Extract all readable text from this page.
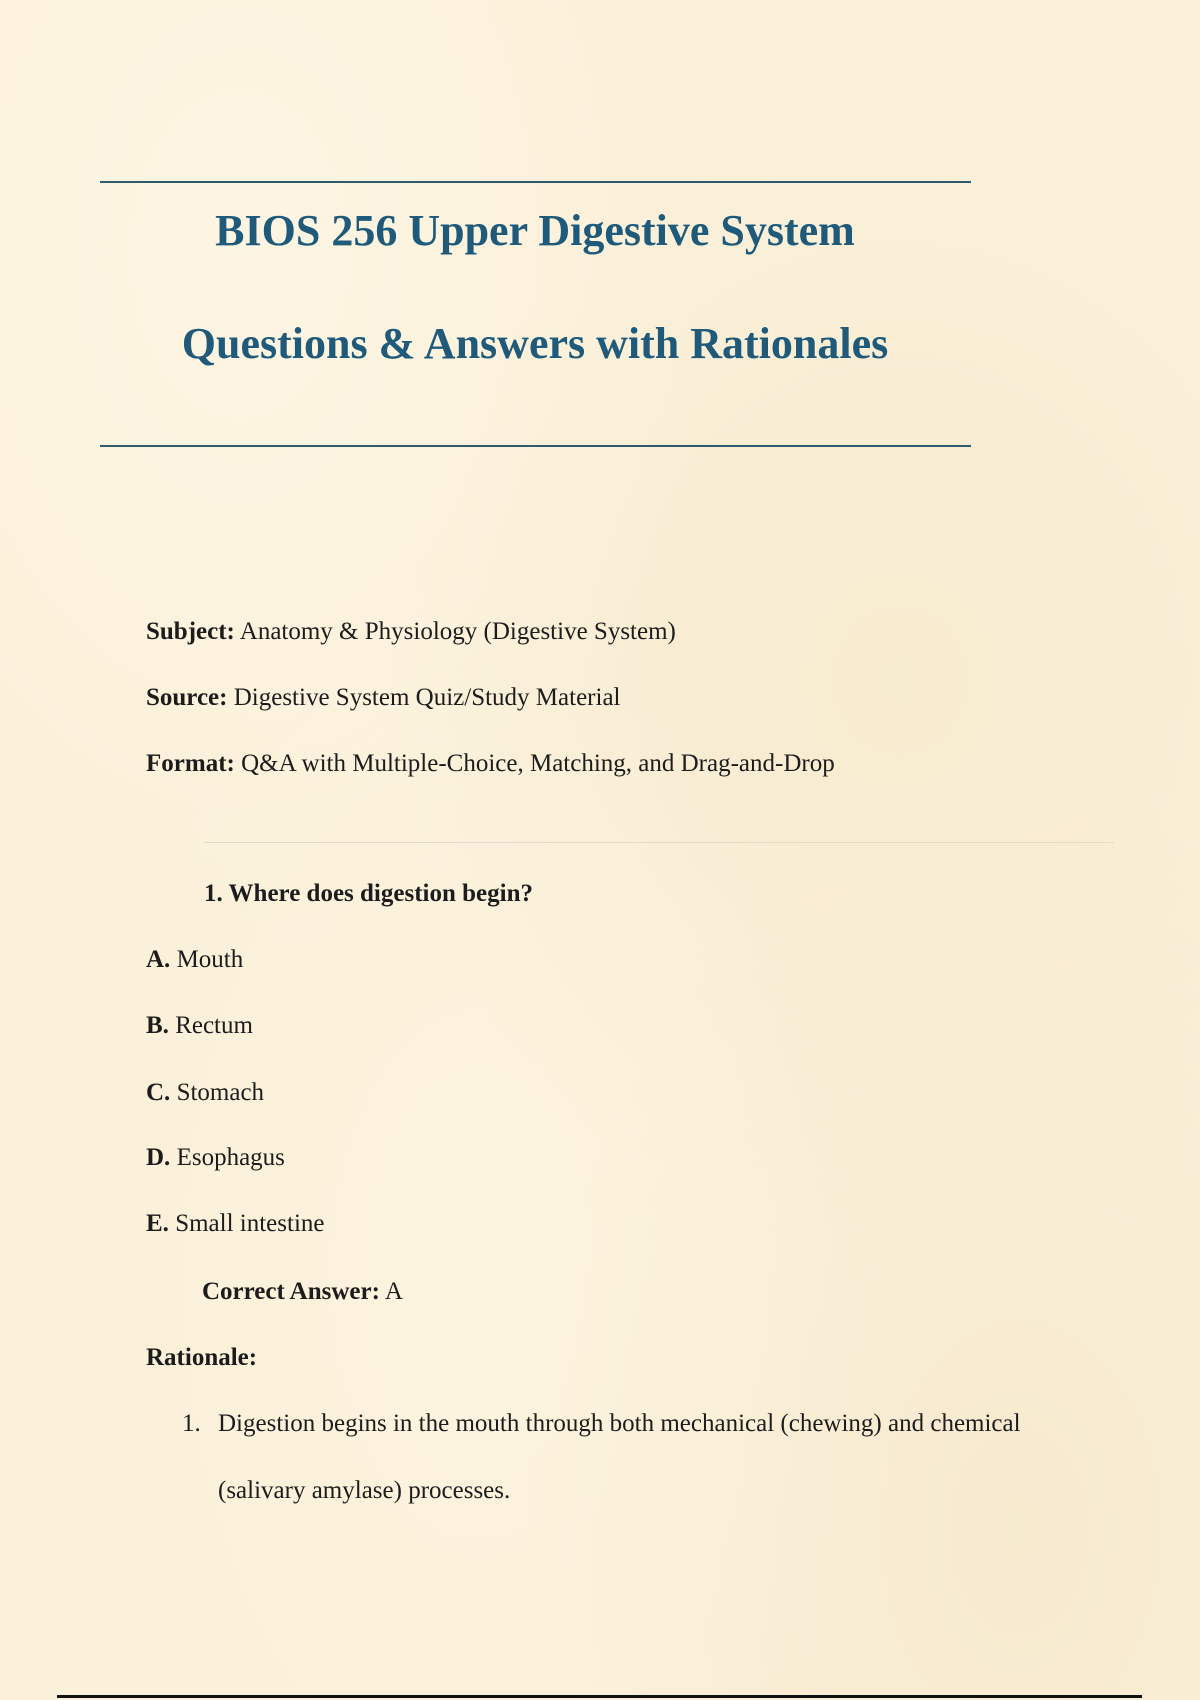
BIOS 256 Upper Digestive System
Questions & Answers with Rationales
Subject: Anatomy & Physiology (Digestive System)
Source: Digestive System Quiz/Study Material
Format: Q&A with Multiple-Choice, Matching, and Drag-and-Drop
1. Where does digestion begin?
A. Mouth
B. Rectum
C. Stomach
D. Esophagus
E. Small intestine
Correct Answer: A
Rationale:
1. Digestion begins in the mouth through both mechanical (chewing) and chemical (salivary amylase) processes.
